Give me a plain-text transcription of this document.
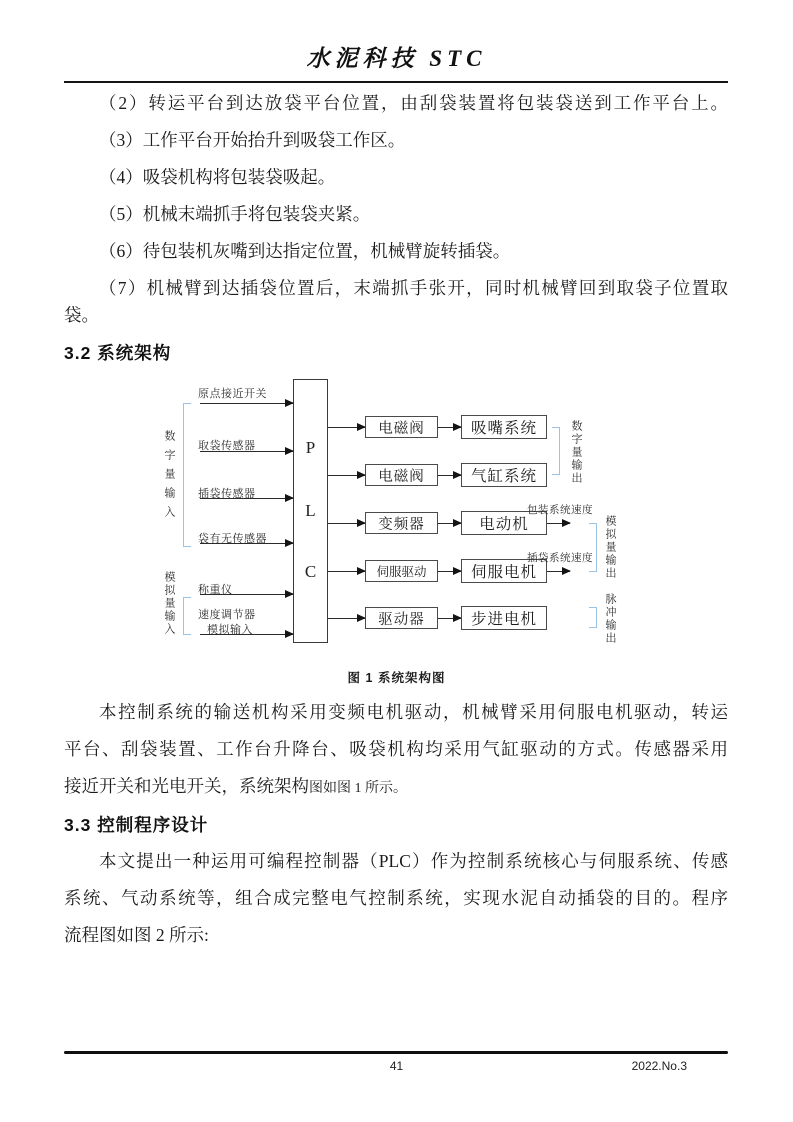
水泥科技 STC
（2）转运平台到达放袋平台位置，由刮袋装置将包装袋送到工作平台上。
（3）工作平台开始抬升到吸袋工作区。
（4）吸袋机构将包装袋吸起。
（5）机械末端抓手将包装袋夹紧。
（6）待包装机灰嘴到达指定位置，机械臂旋转插袋。
（7）机械臂到达插袋位置后，末端抓手张开，同时机械臂回到取袋子位置取
袋。
3.2 系统架构
P
L
C
原点接近开关
取袋传感器
插袋传感器
袋有无传感器
称重仪
速度调节器
模拟输入
数字量输入
模拟量输入
电磁阀
电磁阀
变频器
伺服驱动
驱动器
吸嘴系统
气缸系统
电动机
伺服电机
步进电机
包装系统速度
插袋系统速度
数字量输出
模拟量输出
脉冲输出
图 1 系统架构图
本控制系统的输送机构采用变频电机驱动，机械臂采用伺服电机驱动，转运
平台、刮袋装置、工作台升降台、吸袋机构均采用气缸驱动的方式。传感器采用
接近开关和光电开关，系统架构图如图 1 所示。
3.3 控制程序设计
本文提出一种运用可编程控制器（PLC）作为控制系统核心与伺服系统、传感
系统、气动系统等，组合成完整电气控制系统，实现水泥自动插袋的目的。程序
流程图如图 2 所示:
41	2022.No.3
